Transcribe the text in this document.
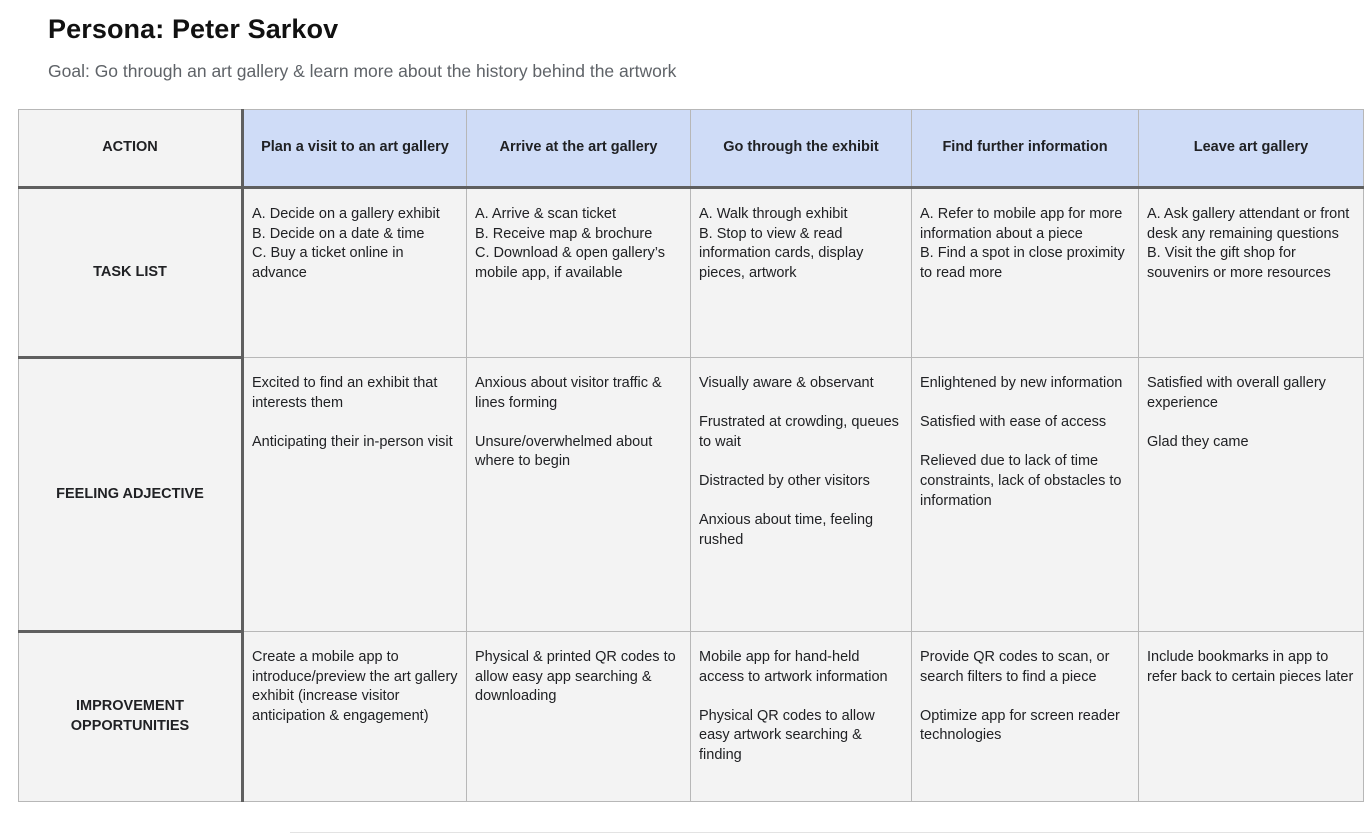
Persona: Peter Sarkov
Goal: Go through an art gallery & learn more about the history behind the artwork
ACTION	Plan a visit to an art gallery	Arrive at the art gallery	Go through the exhibit	Find further information	Leave art gallery
TASK LIST	A. Decide on a gallery exhibit
B. Decide on a date & time
C. Buy a ticket online in advance	A. Arrive & scan ticket
B. Receive map & brochure
C. Download & open gallery’s mobile app, if available	A. Walk through exhibit
B. Stop to view & read information cards, display pieces, artwork	A. Refer to mobile app for more information about a piece
B. Find a spot in close proximity to read more	A. Ask gallery attendant or front desk any remaining questions
B. Visit the gift shop for souvenirs or more resources

FEELING ADJECTIVE	Excited to find an exhibit that interests them

Anticipating their in-person visit	Anxious about visitor traffic & lines forming

Unsure/overwhelmed about where to begin	Visually aware & observant

Frustrated at crowding, queues to wait

Distracted by other visitors

Anxious about time, feeling rushed	Enlightened by new information

Satisfied with ease of access

Relieved due to lack of time constraints, lack of obstacles to information	Satisfied with overall gallery experience

Glad they came

IMPROVEMENT OPPORTUNITIES	Create a mobile app to introduce/preview the art gallery exhibit (increase visitor anticipation & engagement)	Physical & printed QR codes to allow easy app searching & downloading	Mobile app for hand-held access to artwork information

Physical QR codes to allow easy artwork searching & finding	Provide QR codes to scan, or search filters to find a piece

Optimize app for screen reader technologies	Include bookmarks in app to refer back to certain pieces later
